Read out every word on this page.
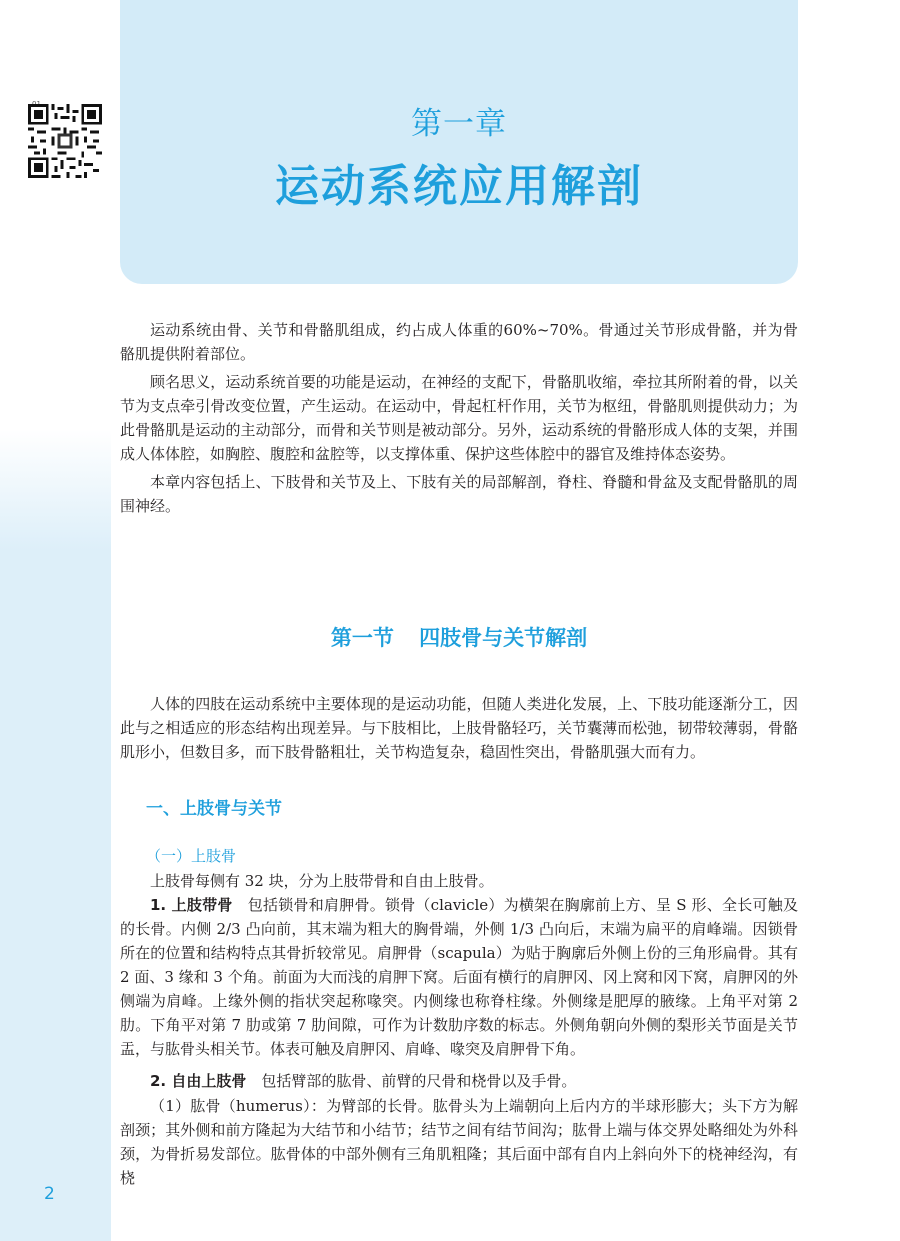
第一章
运动系统应用解剖

运动系统由骨、关节和骨骼肌组成，约占成人体重的60%~70%。骨通过关节形成骨骼，并为骨骼肌提供附着部位。

顾名思义，运动系统首要的功能是运动，在神经的支配下，骨骼肌收缩，牵拉其所附着的骨，以关节为支点牵引骨改变位置，产生运动。在运动中，骨起杠杆作用，关节为枢纽，骨骼肌则提供动力；为此骨骼肌是运动的主动部分，而骨和关节则是被动部分。另外，运动系统的骨骼形成人体的支架，并围成人体体腔，如胸腔、腹腔和盆腔等，以支撑体重、保护这些体腔中的器官及维持体态姿势。

本章内容包括上、下肢骨和关节及上、下肢有关的局部解剖，脊柱、脊髓和骨盆及支配骨骼肌的周围神经。

第一节 四肢骨与关节解剖

人体的四肢在运动系统中主要体现的是运动功能，但随人类进化发展，上、下肢功能逐渐分工，因此与之相适应的形态结构出现差异。与下肢相比，上肢骨骼轻巧，关节囊薄而松弛，韧带较薄弱，骨骼肌形小，但数目多，而下肢骨骼粗壮，关节构造复杂，稳固性突出，骨骼肌强大而有力。

一、上肢骨与关节
（一）上肢骨

上肢骨每侧有 32 块，分为上肢带骨和自由上肢骨。

1. 上肢带骨  包括锁骨和肩胛骨。锁骨（clavicle）为横架在胸廓前上方、呈 S 形、全长可触及的长骨。内侧 2/3 凸向前，其末端为粗大的胸骨端，外侧 1/3 凸向后，末端为扁平的肩峰端。因锁骨所在的位置和结构特点其骨折较常见。肩胛骨（scapula）为贴于胸廓后外侧上份的三角形扁骨。其有 2 面、3 缘和 3 个角。前面为大而浅的肩胛下窝。后面有横行的肩胛冈、冈上窝和冈下窝，肩胛冈的外侧端为肩峰。上缘外侧的指状突起称喙突。内侧缘也称脊柱缘。外侧缘是肥厚的腋缘。上角平对第 2 肋。下角平对第 7 肋或第 7 肋间隙，可作为计数肋序数的标志。外侧角朝向外侧的梨形关节面是关节盂，与肱骨头相关节。体表可触及肩胛冈、肩峰、喙突及肩胛骨下角。

2. 自由上肢骨  包括臂部的肱骨、前臂的尺骨和桡骨以及手骨。

（1）肱骨（humerus）：为臂部的长骨。肱骨头为上端朝向上后内方的半球形膨大；头下方为解剖颈；其外侧和前方隆起为大结节和小结节；结节之间有结节间沟；肱骨上端与体交界处略细处为外科颈，为骨折易发部位。肱骨体的中部外侧有三角肌粗隆；其后面中部有自内上斜向外下的桡神经沟，有桡

2
